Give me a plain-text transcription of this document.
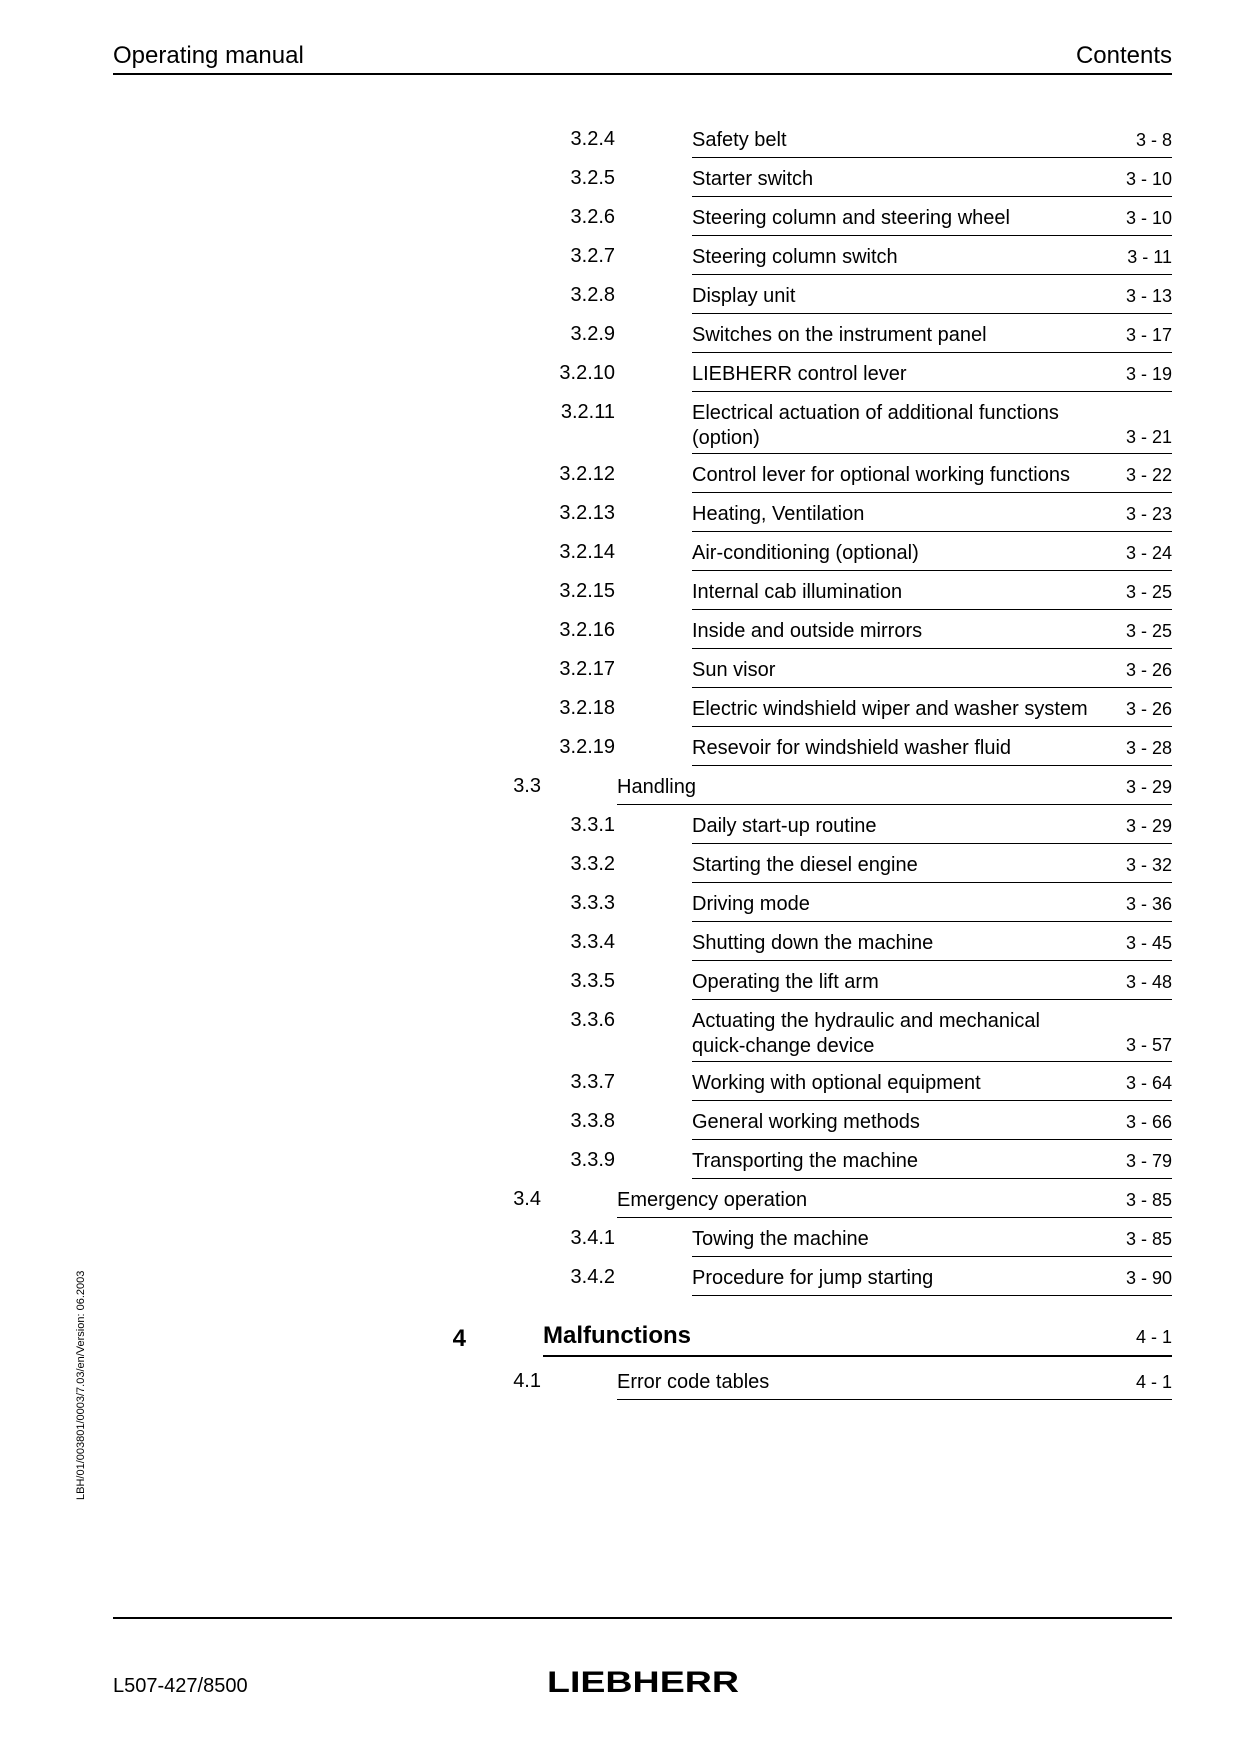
Operating manual	Contents
3.2.4	Safety belt	3 - 8
3.2.5	Starter switch	3 - 10
3.2.6	Steering column and steering wheel	3 - 10
3.2.7	Steering column switch	3 - 11
3.2.8	Display unit	3 - 13
3.2.9	Switches on the instrument panel	3 - 17
3.2.10	LIEBHERR control lever	3 - 19
3.2.11	Electrical actuation of additional functions
(option)	3 - 21
3.2.12	Control lever for optional working functions	3 - 22
3.2.13	Heating, Ventilation	3 - 23
3.2.14	Air-conditioning (optional)	3 - 24
3.2.15	Internal cab illumination	3 - 25
3.2.16	Inside and outside mirrors	3 - 25
3.2.17	Sun visor	3 - 26
3.2.18	Electric windshield wiper and washer system 3 - 26
3.2.19	Resevoir for windshield washer fluid	3 - 28
3.3	Handling	3 - 29
3.3.1	Daily start-up routine	3 - 29
3.3.2	Starting the diesel engine	3 - 32
3.3.3	Driving mode	3 - 36
3.3.4	Shutting down the machine	3 - 45
3.3.5	Operating the lift arm	3 - 48
3.3.6	Actuating the hydraulic and mechanical
quick-change device	3 - 57
3.3.7	Working with optional equipment	3 - 64
3.3.8	General working methods	3 - 66
3.3.9	Transporting the machine	3 - 79
3.4	Emergency operation	3 - 85
3.4.1	Towing the machine	3 - 85
3.4.2	Procedure for jump starting	3 - 90
4	Malfunctions	4 - 1
4.1	Error code tables	4 - 1
LBH/01/003801/0003/7.03/en/Version: 06.2003
L507-427/8500	LIEBHERR
